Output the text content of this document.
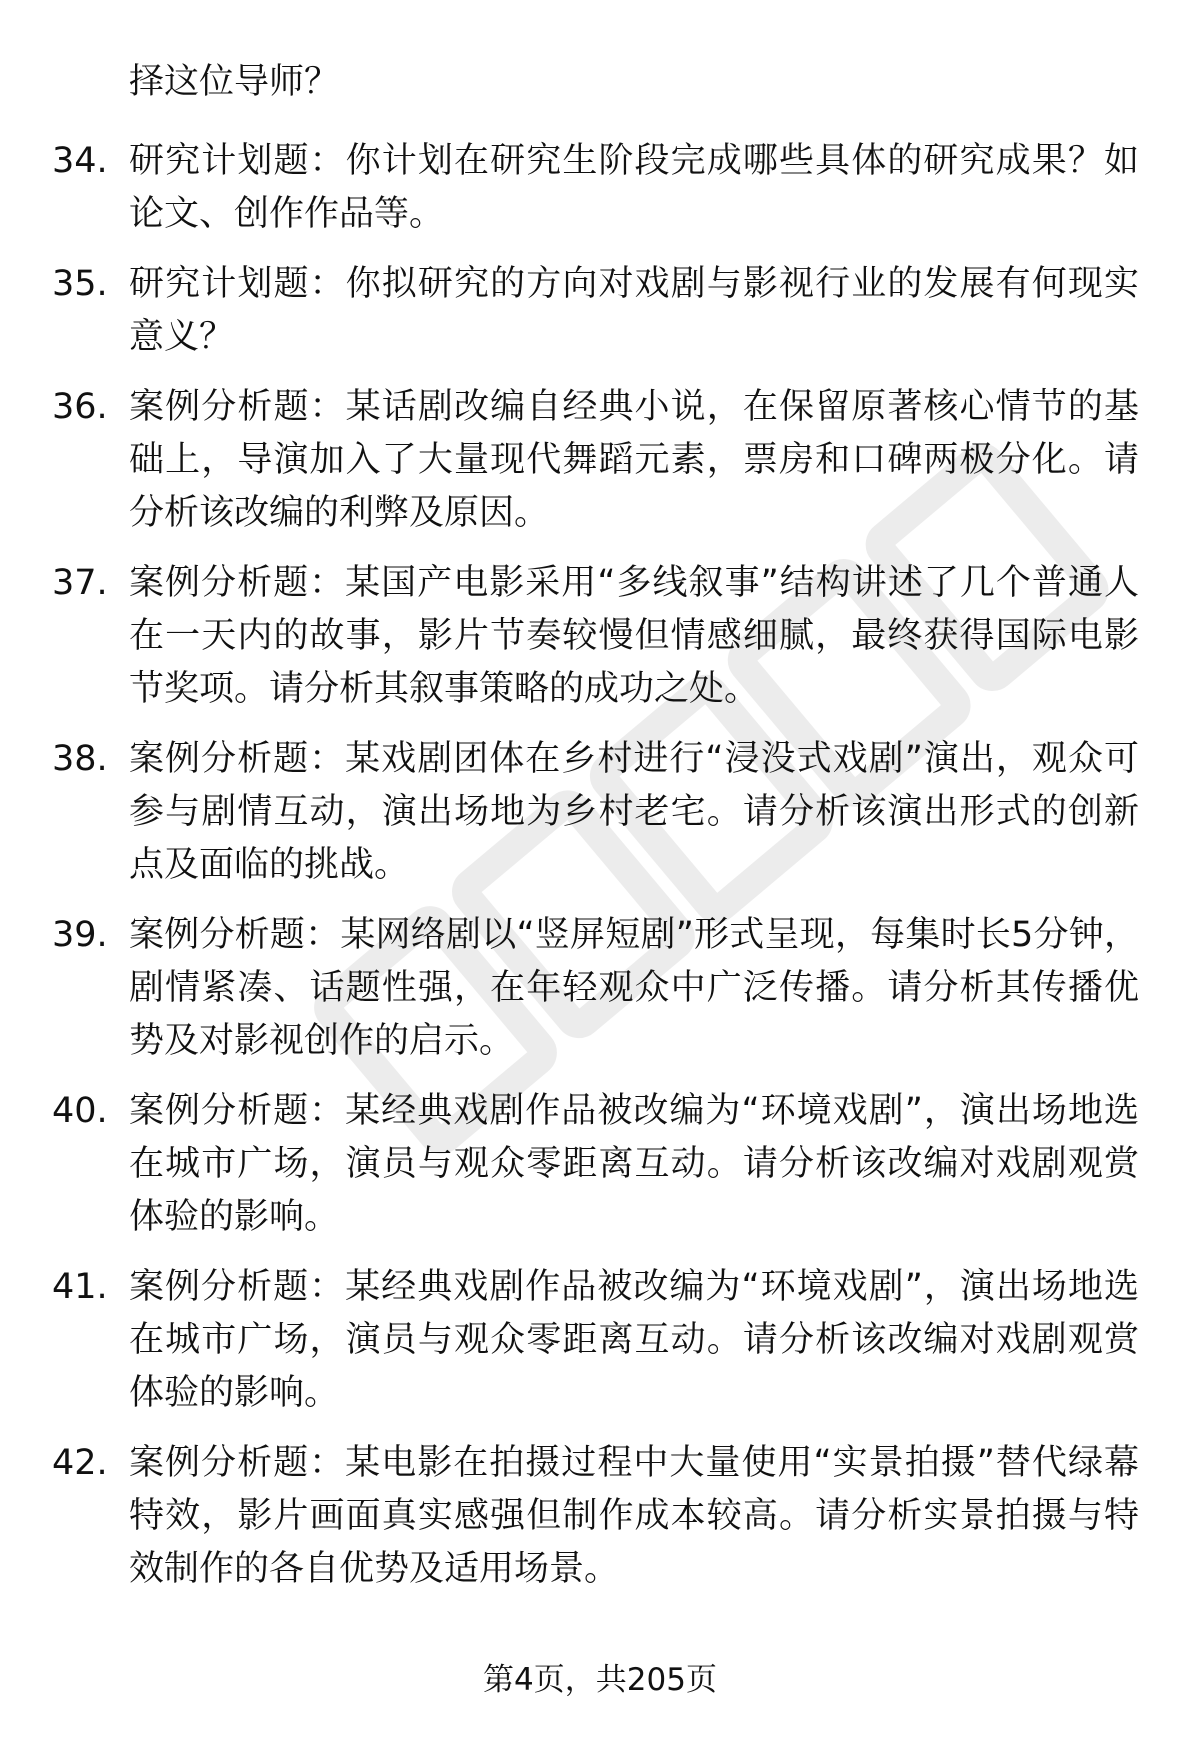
择这位导师？
34. 研究计划题：你计划在研究生阶段完成哪些具体的研究成果？如论文、创作作品等。
35. 研究计划题：你拟研究的方向对戏剧与影视行业的发展有何现实意义？
36. 案例分析题：某话剧改编自经典小说，在保留原著核心情节的基础上，导演加入了大量现代舞蹈元素，票房和口碑两极分化。请分析该改编的利弊及原因。
37. 案例分析题：某国产电影采用“多线叙事”结构讲述了几个普通人在一天内的故事，影片节奏较慢但情感细腻，最终获得国际电影节奖项。请分析其叙事策略的成功之处。
38. 案例分析题：某戏剧团体在乡村进行“浸没式戏剧”演出，观众可参与剧情互动，演出场地为乡村老宅。请分析该演出形式的创新点及面临的挑战。
39. 案例分析题：某网络剧以“竖屏短剧”形式呈现，每集时长5分钟，剧情紧凑、话题性强，在年轻观众中广泛传播。请分析其传播优势及对影视创作的启示。
40. 案例分析题：某经典戏剧作品被改编为“环境戏剧”，演出场地选在城市广场，演员与观众零距离互动。请分析该改编对戏剧观赏体验的影响。
41. 案例分析题：某经典戏剧作品被改编为“环境戏剧”，演出场地选在城市广场，演员与观众零距离互动。请分析该改编对戏剧观赏体验的影响。
42. 案例分析题：某电影在拍摄过程中大量使用“实景拍摄”替代绿幕特效，影片画面真实感强但制作成本较高。请分析实景拍摄与特效制作的各自优势及适用场景。
第4页，共205页
